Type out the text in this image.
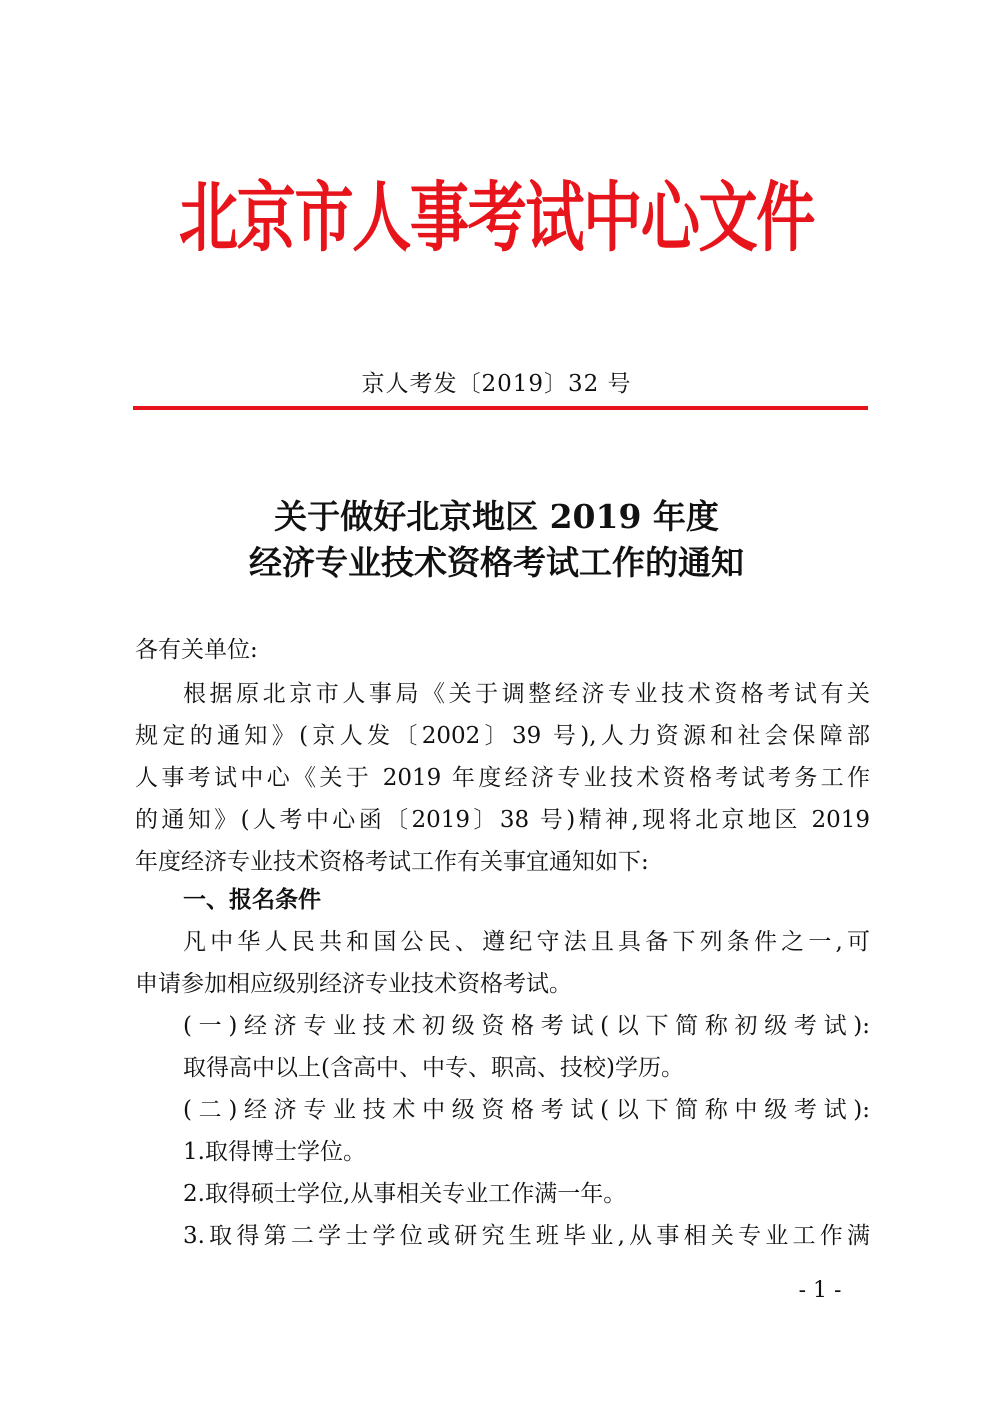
北京市人事考试中心文件
京人考发〔2019〕32 号
关于做好北京地区 2019 年度
经济专业技术资格考试工作的通知
各有关单位:
根据原北京市人事局《关于调整经济专业技术资格考试有关
规定的通知》(京人发〔2002〕39 号),人力资源和社会保障部
人事考试中心《关于 2019 年度经济专业技术资格考试考务工作
的通知》(人考中心函〔2019〕38 号)精神,现将北京地区 2019
年度经济专业技术资格考试工作有关事宜通知如下:
一、报名条件
凡中华人民共和国公民、遵纪守法且具备下列条件之一,可
申请参加相应级别经济专业技术资格考试。
(一)经济专业技术初级资格考试(以下简称初级考试):
取得高中以上(含高中、中专、职高、技校)学历。
(二)经济专业技术中级资格考试(以下简称中级考试):
1.取得博士学位。
2.取得硕士学位,从事相关专业工作满一年。
3.取得第二学士学位或研究生班毕业,从事相关专业工作满
- 1 -
